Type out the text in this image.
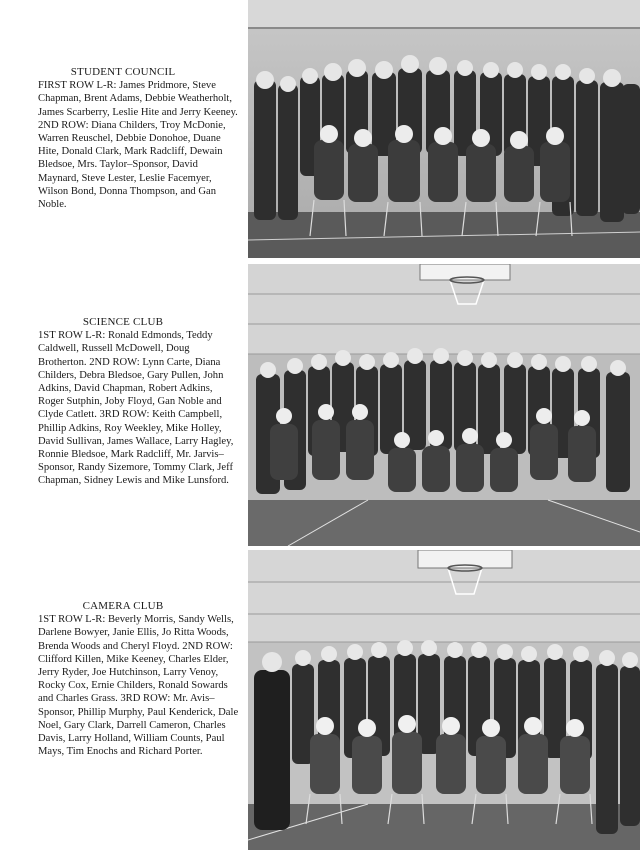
STUDENT COUNCIL

FIRST ROW L-R: James Pridmore, Steve Chapman, Brent Adams, Debbie Weatherholt, James Scarberry, Leslie Hite and Jerry Keeney. 2ND ROW: Diana Childers, Troy McDonie, Warren Reuschel, Debbie Donohoe, Duane Hite, Donald Clark, Mark Radcliff, Dewain Bledsoe, Mrs. Taylor–Sponsor, David Maynard, Steve Lester, Leslie Facemyer, Wilson Bond, Donna Thompson, and Gan Noble.

SCIENCE CLUB

1ST ROW L-R: Ronald Edmonds, Teddy Caldwell, Russell McDowell, Doug Brotherton. 2ND ROW: Lynn Carte, Diana Childers, Debra Bledsoe, Gary Pullen, John Adkins, David Chapman, Robert Adkins, Roger Sutphin, Joby Floyd, Gan Noble and Clyde Catlett. 3RD ROW: Keith Campbell, Phillip Adkins, Roy Weekley, Mike Holley, David Sullivan, James Wallace, Larry Hagley, Ronnie Bledsoe, Mark Radcliff, Mr. Jarvis–Sponsor, Randy Sizemore, Tommy Clark, Jeff Chapman, Sidney Lewis and Mike Lunsford.

CAMERA CLUB

1ST ROW L-R: Beverly Morris, Sandy Wells, Darlene Bowyer, Janie Ellis, Jo Ritta Woods, Brenda Woods and Cheryl Floyd. 2ND ROW: Clifford Killen, Mike Keeney, Charles Elder, Jerry Ryder, Joe Hutchinson, Larry Venoy, Rocky Cox, Ernie Childers, Ronald Sowards and Charles Grass. 3RD ROW: Mr. Avis–Sponsor, Phillip Murphy, Paul Kenderick, Dale Noel, Gary Clark, Darrell Cameron, Charles Davis, Larry Holland, William Counts, Paul Mays, Tim Enochs and Richard Porter.
